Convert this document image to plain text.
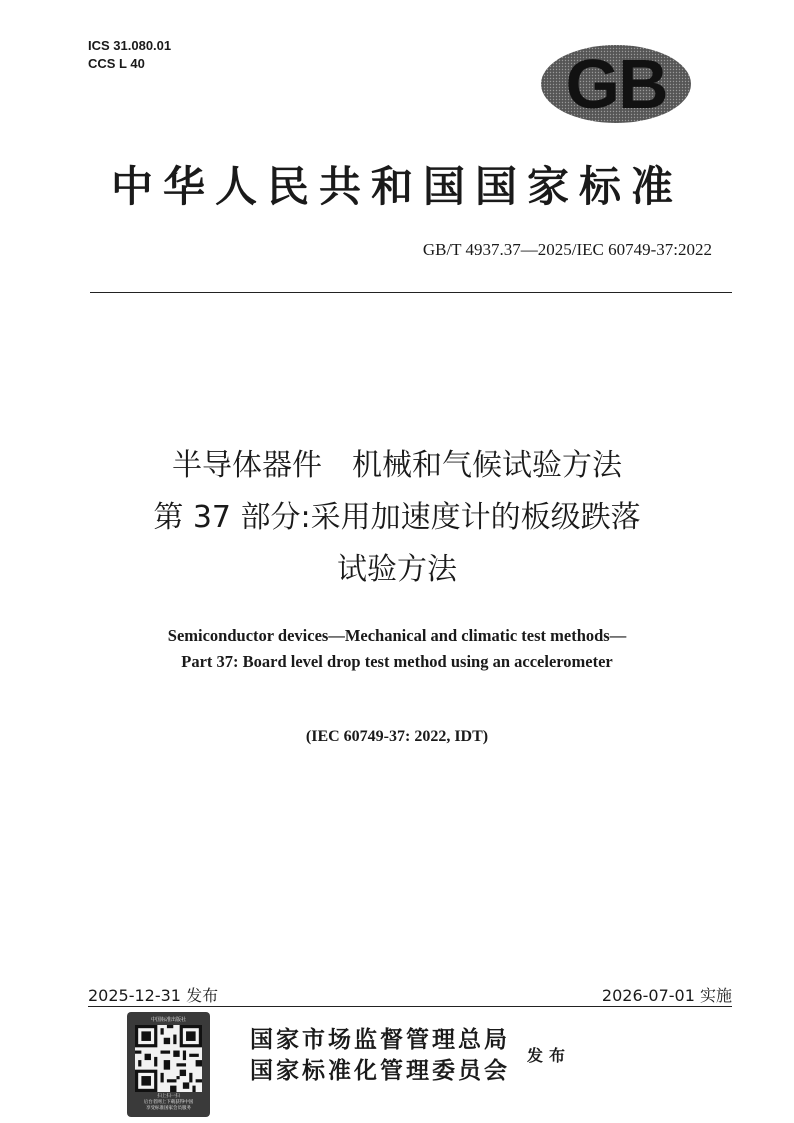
ICS 31.080.01
CCS L 40	GB
中华人民共和国国家标准
GB/T 4937.37—2025/IEC 60749-37:2022
半导体器件　机械和气候试验方法
第 37 部分:采用加速度计的板级跌落
试验方法
Semiconductor devices—Mechanical and climatic test methods—
Part 37: Board level drop test method using an accelerometer
(IEC 60749-37: 2022, IDT)
2025-12-31 发布	2026-07-01 实施
中国标准出版社
扫上扫一扫
后台者网上下载获得中国
享受标准国家会员服务
国家市场监督管理总局
国家标准化管理委员会
发布
